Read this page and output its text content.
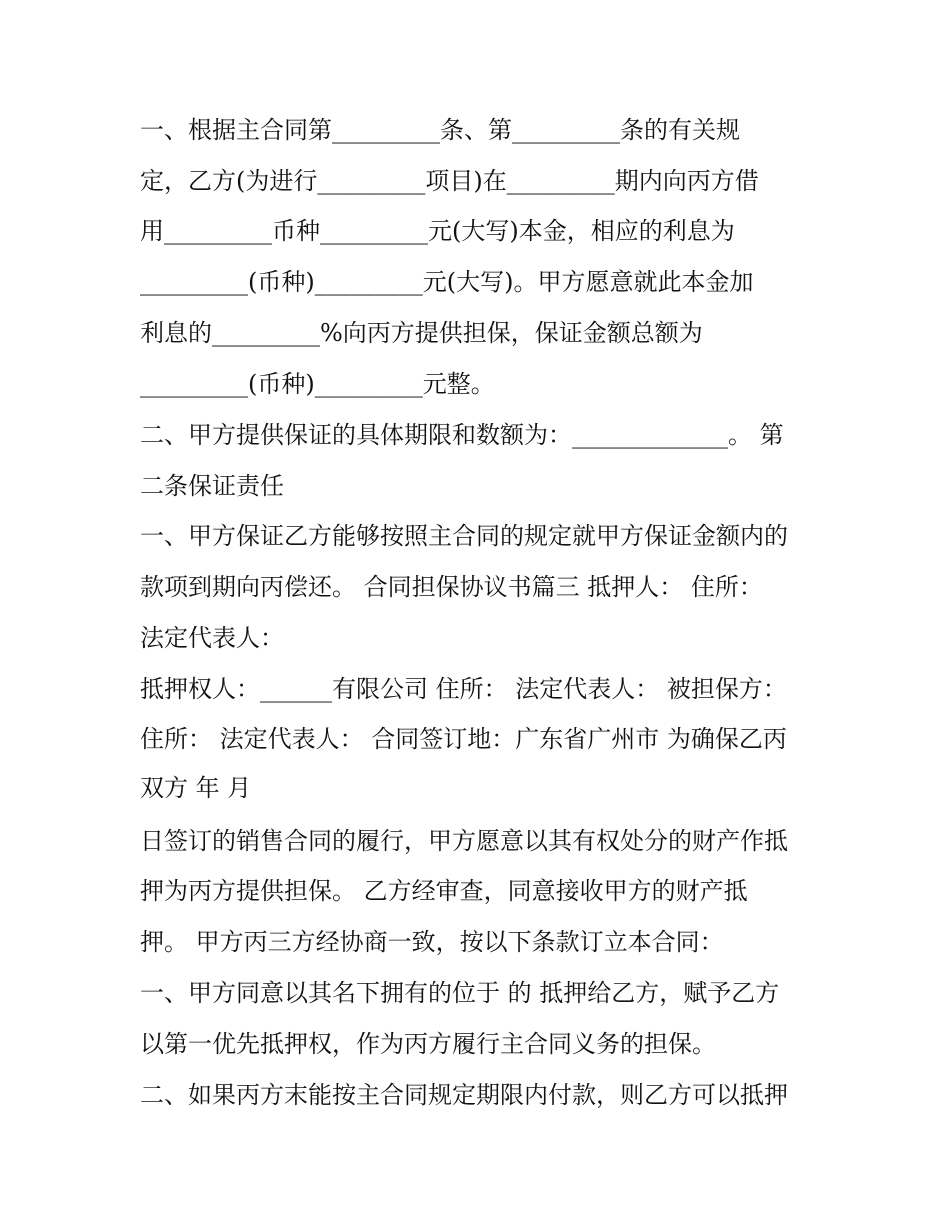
一、根据主合同第_________条、第_________条的有关规
定，乙方(为进行_________项目)在_________期内向丙方借
用_________币种_________元(大写)本金，相应的利息为
_________(币种)_________元(大写)。甲方愿意就此本金加
利息的_________%向丙方提供担保，保证金额总额为
_________(币种)_________元整。
二、甲方提供保证的具体期限和数额为：_____________。 第
二条保证责任
一、甲方保证乙方能够按照主合同的规定就甲方保证金额内的
款项到期向丙偿还。 合同担保协议书篇三 抵押人： 住所：
法定代表人：
抵押权人：______有限公司 住所： 法定代表人： 被担保方：
住所： 法定代表人： 合同签订地：广东省广州市 为确保乙丙
双方 年 月
日签订的销售合同的履行，甲方愿意以其有权处分的财产作抵
押为丙方提供担保。 乙方经审查，同意接收甲方的财产抵
押。 甲方丙三方经协商一致，按以下条款订立本合同：
一、甲方同意以其名下拥有的位于 的 抵押给乙方，赋予乙方
以第一优先抵押权，作为丙方履行主合同义务的担保。
二、如果丙方末能按主合同规定期限内付款，则乙方可以抵押
